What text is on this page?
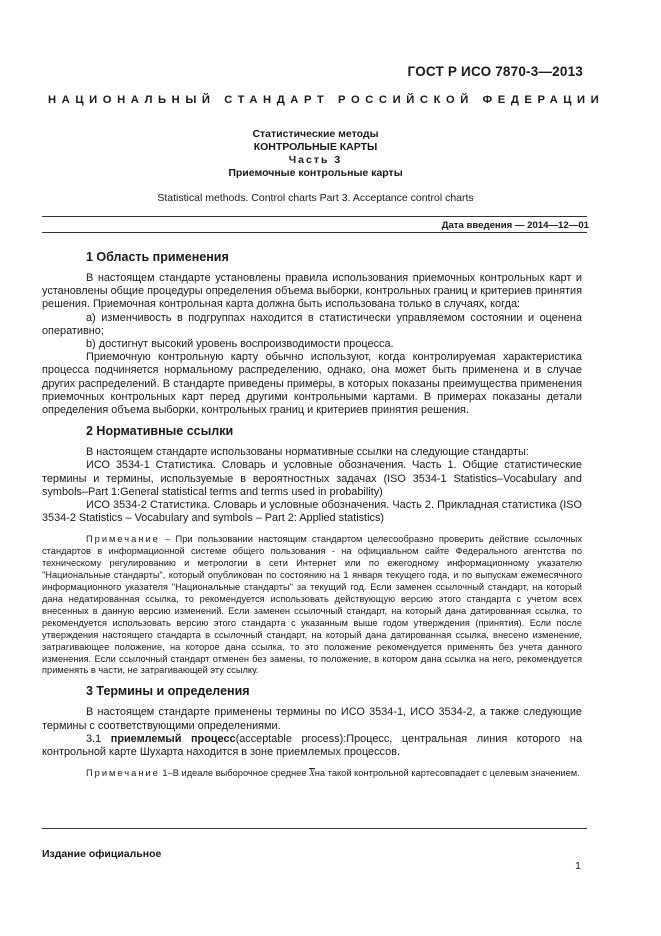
ГОСТ Р ИСО 7870-3—2013
НАЦИОНАЛЬНЫЙ СТАНДАРТ РОССИЙСКОЙ ФЕДЕРАЦИИ
Статистические методы
КОНТРОЛЬНЫЕ КАРТЫ
Часть 3
Приемочные контрольные карты
Statistical methods. Control charts Part 3. Acceptance control charts
Дата введения — 2014—12—01
1 Область применения

В настоящем стандарте установлены правила использования приемочных контрольных карт и установлены общие процедуры определения объема выборки, контрольных границ и критериев принятия решения. Приемочная контрольная карта должна быть использована только в случаях, когда:

а) изменчивость в подгруппах находится в статистически управляемом состоянии и оценена оперативно;

b) достигнут высокий уровень воспроизводимости процесса.

Приемочную контрольную карту обычно используют, когда контролируемая характеристика процесса подчиняется нормальному распределению, однако, она может быть применена и в случае других распределений. В стандарте приведены примеры, в которых показаны преимущества применения приемочных контрольных карт перед другими контрольными картами. В примерах показаны детали определения объема выборки, контрольных границ и критериев принятия решения.

2 Нормативные ссылки

В настоящем стандарте использованы нормативные ссылки на следующие стандарты:

ИСО 3534-1 Статистика. Словарь и условные обозначения. Часть 1. Общие статистические термины и термины, используемые в вероятностных задачах (ISO 3534-1 Statistics–Vocabulary and symbols–Part 1:General statistical terms and terms used in probability)

ИСО 3534-2 Статистика. Словарь и условные обозначения. Часть 2. Прикладная статистика (ISO 3534-2 Statistics – Vocabulary and symbols – Part 2: Applied statistics)

Примечание – При пользовании настоящим стандартом целесообразно проверить действие ссылочных стандартов в информационной системе общего пользования - на официальном сайте Федерального агентства по техническому регулированию и метрологии в сети Интернет или по ежегодному информационному указателю "Национальные стандарты", который опубликован по состоянию на 1 января текущего года, и по выпускам ежемесячного информационного указателя "Национальные стандарты" за текущий год. Если заменен ссылочный стандарт, на который дана недатированная ссылка, то рекомендуется использовать действующую версию этого стандарта с учетом всех внесенных в данную версию изменений. Если заменен ссылочный стандарт, на который дана датированная ссылка, то рекомендуется использовать версию этого стандарта с указанным выше годом утверждения (принятия). Если после утверждения настоящего стандарта в ссылочный стандарт, на который дана датированная ссылка, внесено изменение, затрагивающее положение, на которое дана ссылка, то это положение рекомендуется применять без учета данного изменения. Если ссылочный стандарт отменен без замены, то положение, в котором дана ссылка на него, рекомендуется применять в части, не затрагивающей эту ссылку.

3 Термины и определения

В настоящем стандарте применены термины по ИСО 3534-1, ИСО 3534-2, а также следующие термины с соответствующими определениями.

3.1 приемлемый процесс(acceptable process):Процесс, центральная линия которого на контрольной карте Шухарта находится в зоне приемлемых процессов.

Примечание 1–В идеале выборочное среднее $\overline{X}на$ такой контрольной картесовпадает с целевым значением.

Издание официальное
1
